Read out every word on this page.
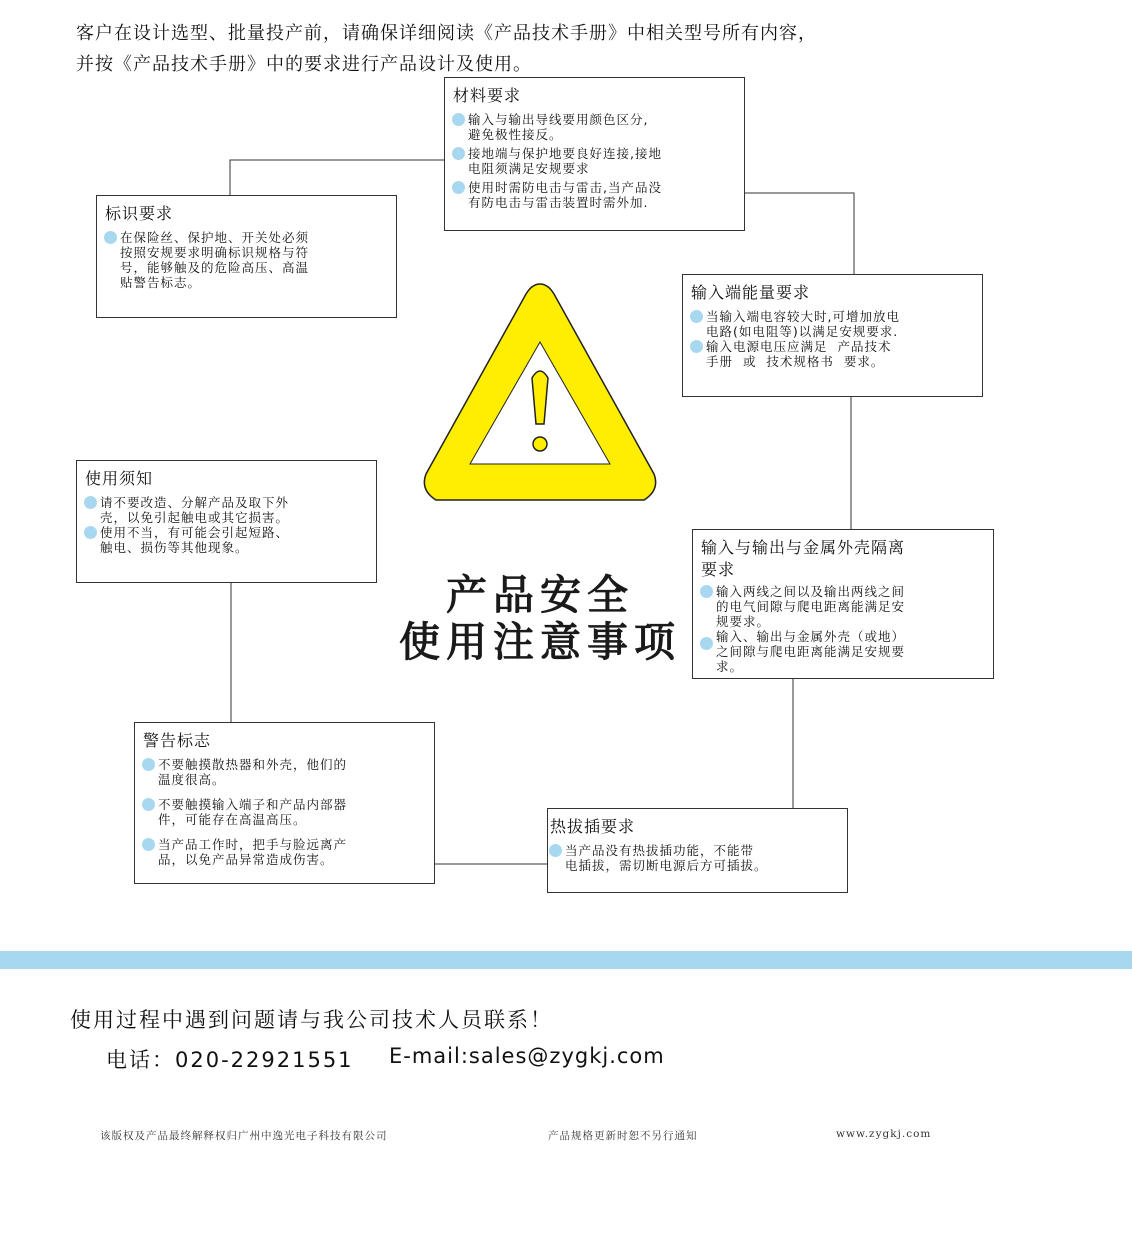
客户在设计选型、批量投产前，请确保详细阅读《产品技术手册》中相关型号所有内容，
并按《产品技术手册》中的要求进行产品设计及使用。
材料要求
输入与输出导线要用颜色区分,
避免极性接反。
接地端与保护地要良好连接,接地
电阻须满足安规要求
使用时需防电击与雷击,当产品没
有防电击与雷击装置时需外加.
标识要求
在保险丝、保护地、开关处必须
按照安规要求明确标识规格与符
号，能够触及的危险高压、高温
贴警告标志。
输入端能量要求
当输入端电容较大时,可增加放电
电路(如电阻等)以满足安规要求.
输入电源电压应满足  产品技术
手册  或  技术规格书  要求。
使用须知
请不要改造、分解产品及取下外
壳，以免引起触电或其它损害。
使用不当，有可能会引起短路、
触电、损伤等其他现象。	输入与输出与金属外壳隔离
要求
输入两线之间以及输出两线之间
的电气间隙与爬电距离能满足安
规要求。
输入、输出与金属外壳（或地）
之间隙与爬电距离能满足安规要
求。
产品安全
使用注意事项
警告标志
不要触摸散热器和外壳，他们的
温度很高。
不要触摸输入端子和产品内部器
件，可能存在高温高压。
当产品工作时，把手与脸远离产
品，以免产品异常造成伤害。
热拔插要求
当产品没有热拔插功能，不能带
电插拔，需切断电源后方可插拔。
使用过程中遇到问题请与我公司技术人员联系！
电话：020-22921551 E-mail:sales@zygkj.com
该版权及产品最终解释权归广州中逸光电子科技有限公司	产品规格更新时恕不另行通知	www.zygkj.com
